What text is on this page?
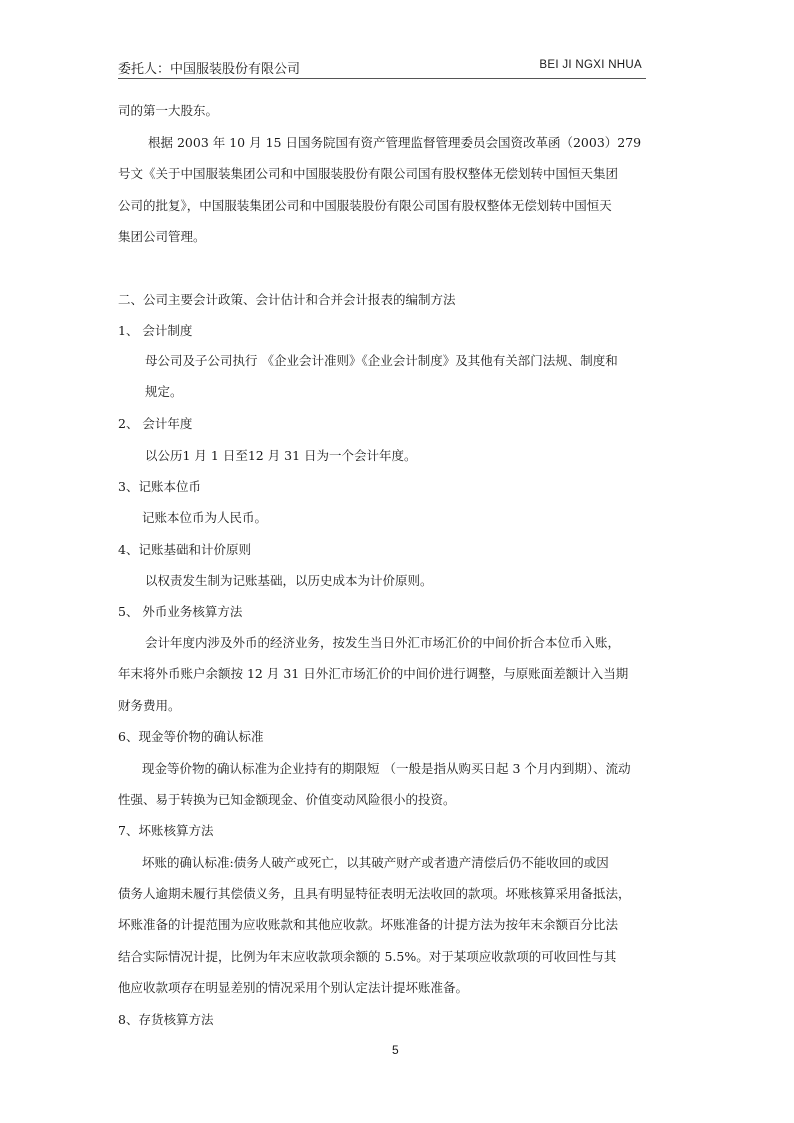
委托人：中国服装股份有限公司	BEI JI NGXI NHUA
司的第一大股东。
根据 2003 年 10 月 15 日国务院国有资产管理监督管理委员会国资改革函（2003）279
号文《关于中国服装集团公司和中国服装股份有限公司国有股权整体无偿划转中国恒天集团
公司的批复》，中国服装集团公司和中国服装股份有限公司国有股权整体无偿划转中国恒天
集团公司管理。
二、公司主要会计政策、会计估计和合并会计报表的编制方法
1、 会计制度
母公司及子公司执行 《企业会计准则》《企业会计制度》及其他有关部门法规、制度和
规定。
2、 会计年度
以公历1 月 1 日至12 月 31 日为一个会计年度。
3、记账本位币
记账本位币为人民币。
4、记账基础和计价原则
以权责发生制为记账基础，以历史成本为计价原则。
5、 外币业务核算方法
会计年度内涉及外币的经济业务，按发生当日外汇市场汇价的中间价折合本位币入账，
年末将外币账户余额按 12 月 31 日外汇市场汇价的中间价进行调整，与原账面差额计入当期
财务费用。
6、现金等价物的确认标准
现金等价物的确认标准为企业持有的期限短 （一般是指从购买日起 3 个月内到期）、流动
性强、易于转换为已知金额现金、价值变动风险很小的投资。
7、坏账核算方法
坏账的确认标准:债务人破产或死亡，以其破产财产或者遗产清偿后仍不能收回的或因
债务人逾期未履行其偿债义务，且具有明显特征表明无法收回的款项。坏账核算采用备抵法，
坏账准备的计提范围为应收账款和其他应收款。坏账准备的计提方法为按年末余额百分比法
结合实际情况计提，比例为年末应收款项余额的 5.5%。对于某项应收款项的可收回性与其
他应收款项存在明显差别的情况采用个别认定法计提坏账准备。
8、存货核算方法
5
